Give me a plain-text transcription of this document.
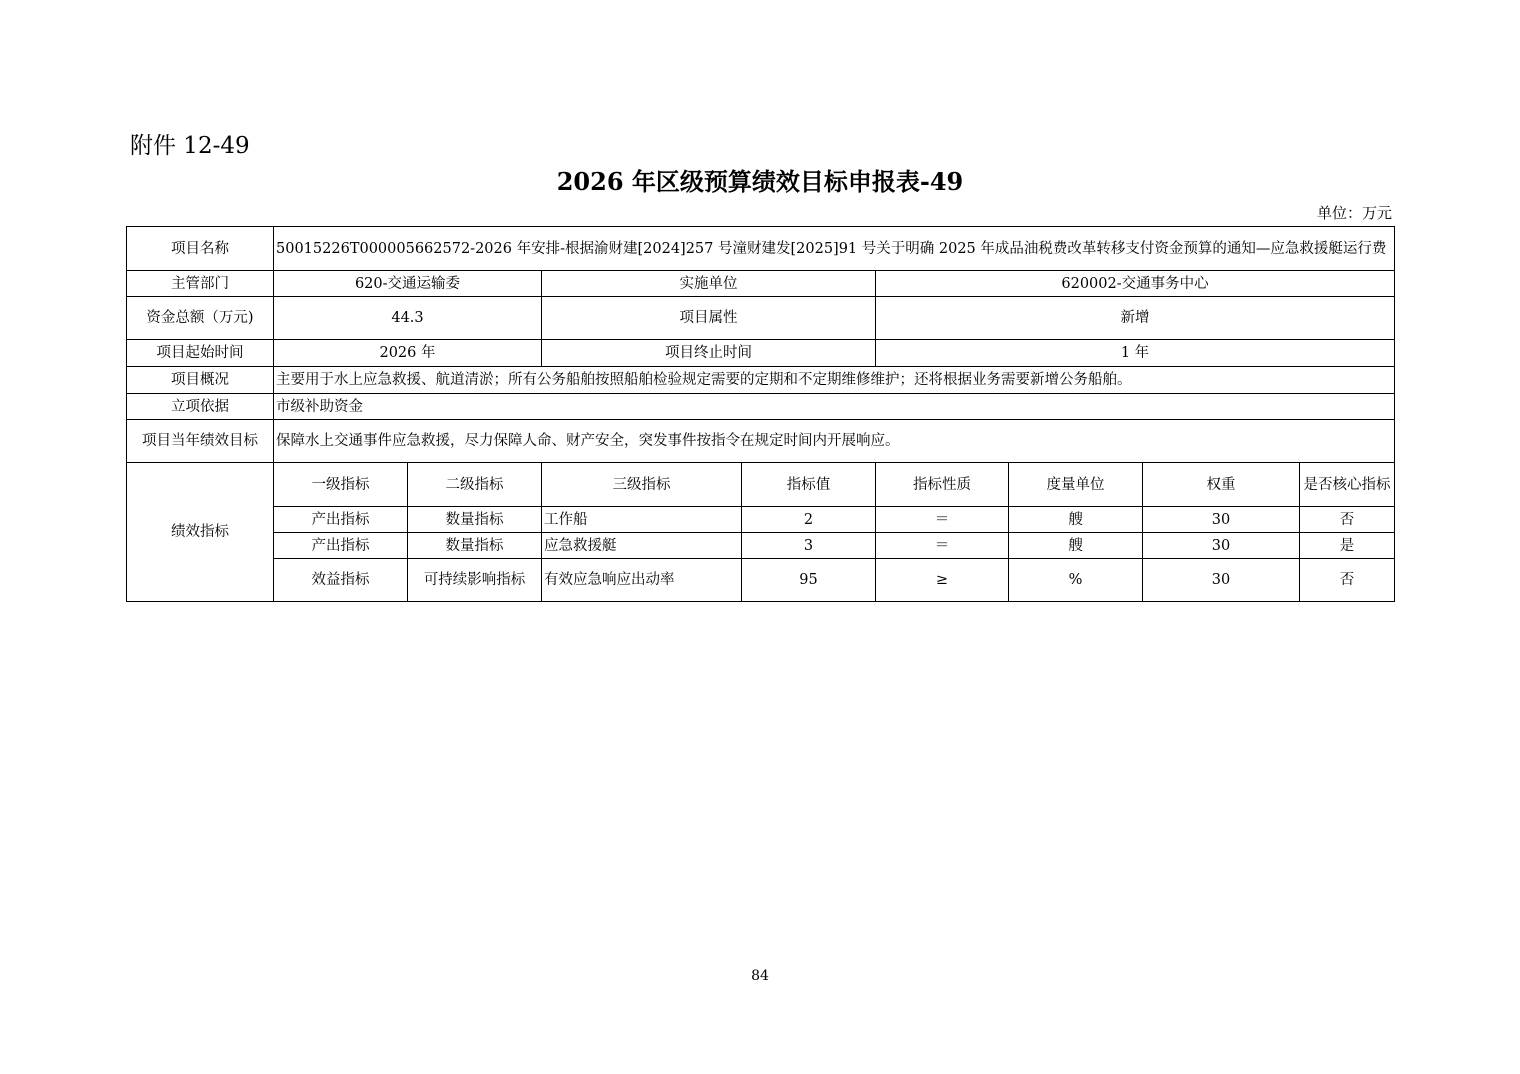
附件 12-49
2026 年区级预算绩效目标申报表-49
单位：万元
项目名称	50015226T000005662572-2026 年安排-根据渝财建[2024]257 号潼财建发[2025]91 号关于明确 2025 年成品油税费改革转移支付资金预算的通知—应急救援艇运行费							
主管部门	620-交通运输委		实施单位		620002-交通事务中心			
资金总额（万元)	44.3		项目属性		新增			
项目起始时间	2026 年		项目终止时间		1 年			
项目概况	主要用于水上应急救援、航道清淤；所有公务船舶按照船舶检验规定需要的定期和不定期维修维护；还将根据业务需要新增公务船舶。							
立项依据	市级补助资金							
项目当年绩效目标	保障水上交通事件应急救援，尽力保障人命、财产安全，突发事件按指令在规定时间内开展响应。							
绩效指标	一级指标	二级指标	三级指标	指标值	指标性质	度量单位	权重	是否核心指标
	产出指标	数量指标	工作船	2	＝	艘	30	否
	产出指标	数量指标	应急救援艇	3	＝	艘	30	是
	效益指标	可持续影响指标	有效应急响应出动率	95	≥	%	30	否
84
